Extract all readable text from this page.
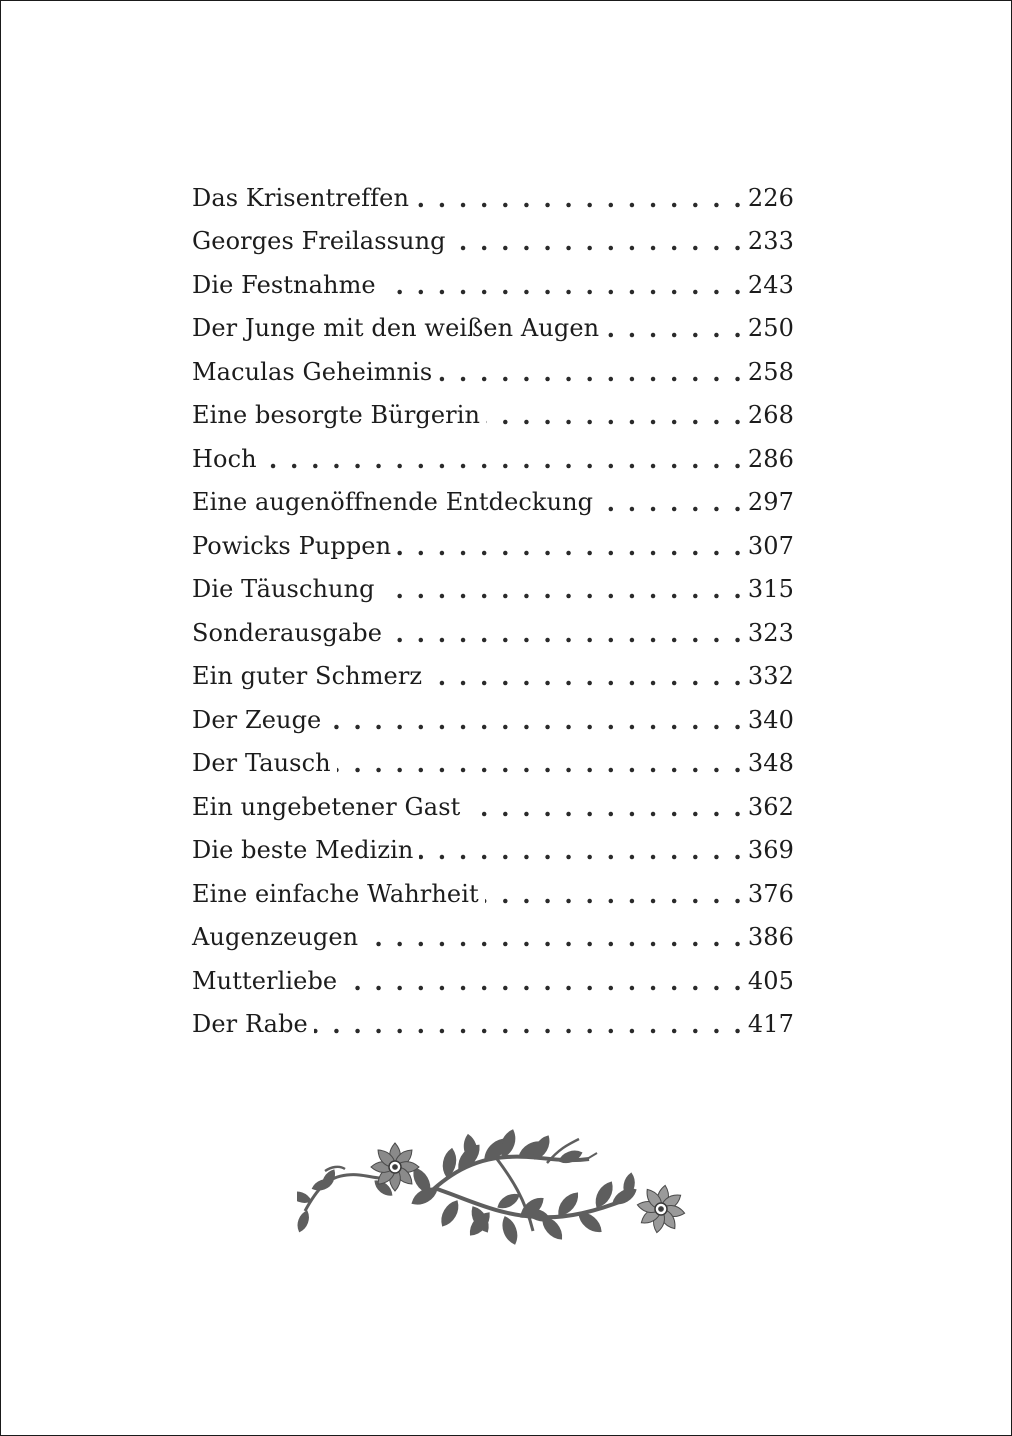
Das Krisentreffen . . .	226
Georges Freilassung . . .	233
Die Festnahme . . .	243
Der Junge mit den weißen Augen . . .	250
Maculas Geheimnis . . .	258
Eine besorgte Bürgerin . . .	268
Hoch . . .	286
Eine augenöffnende Entdeckung . . .	297
Powicks Puppen . . .	307
Die Täuschung . . .	315
Sonderausgabe . . .	323
Ein guter Schmerz . . .	332
Der Zeuge . . .	340
Der Tausch . . .	348
Ein ungebetener Gast . . .	362
Die beste Medizin . . .	369
Eine einfache Wahrheit . . .	376
Augenzeugen . . .	386
Mutterliebe . . .	405
Der Rabe . . .	417
